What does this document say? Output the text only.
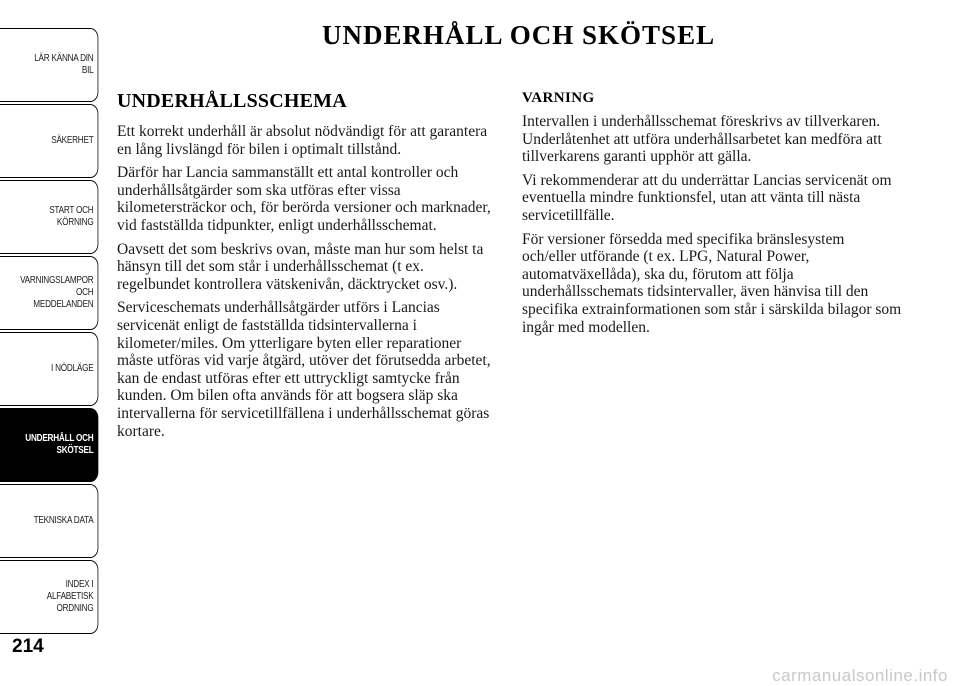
LÄR KÄNNA DIN
BIL
SÄKERHET
START OCH
KÖRNING
VARNINGSLAMPOR
OCH
MEDDELANDEN
I NÖDLÄGE
UNDERHÅLL OCH
SKÖTSEL
TEKNISKA DATA
INDEX I
ALFABETISK
ORDNING
214
UNDERHÅLL OCH SKÖTSEL
UNDERHÅLLSSCHEMA

Ett korrekt underhåll är absolut nödvändigt för att garantera en lång livslängd för bilen i optimalt tillstånd.

Därför har Lancia sammanställt ett antal kontroller och underhållsåtgärder som ska utföras efter vissa kilometersträckor och, för berörda versioner och marknader, vid fastställda tidpunkter, enligt underhållsschemat.

Oavsett det som beskrivs ovan, måste man hur som helst ta hänsyn till det som står i underhållsschemat (t ex. regelbundet kontrollera vätskenivån, däcktrycket osv.).

Serviceschemats underhållsåtgärder utförs i Lancias servicenät enligt de fastställda tidsintervallerna i kilometer/miles. Om ytterligare byten eller reparationer måste utföras vid varje åtgärd, utöver det förutsedda arbetet, kan de endast utföras efter ett uttryckligt samtycke från kunden. Om bilen ofta används för att bogsera släp ska intervallerna för servicetillfällena i underhållsschemat göras kortare.

VARNING

Intervallen i underhållsschemat föreskrivs av tillverkaren. Underlåtenhet att utföra underhållsarbetet kan medföra att tillverkarens garanti upphör att gälla.

Vi rekommenderar att du underrättar Lancias servicenät om eventuella mindre funktionsfel, utan att vänta till nästa servicetillfälle.

För versioner försedda med specifika bränslesystem och/eller utförande (t ex. LPG, Natural Power, automatväxellåda), ska du, förutom att följa underhållsschemats tidsintervaller, även hänvisa till den specifika extrainformationen som står i särskilda bilagor som ingår med modellen.

carmanualsonline.info
